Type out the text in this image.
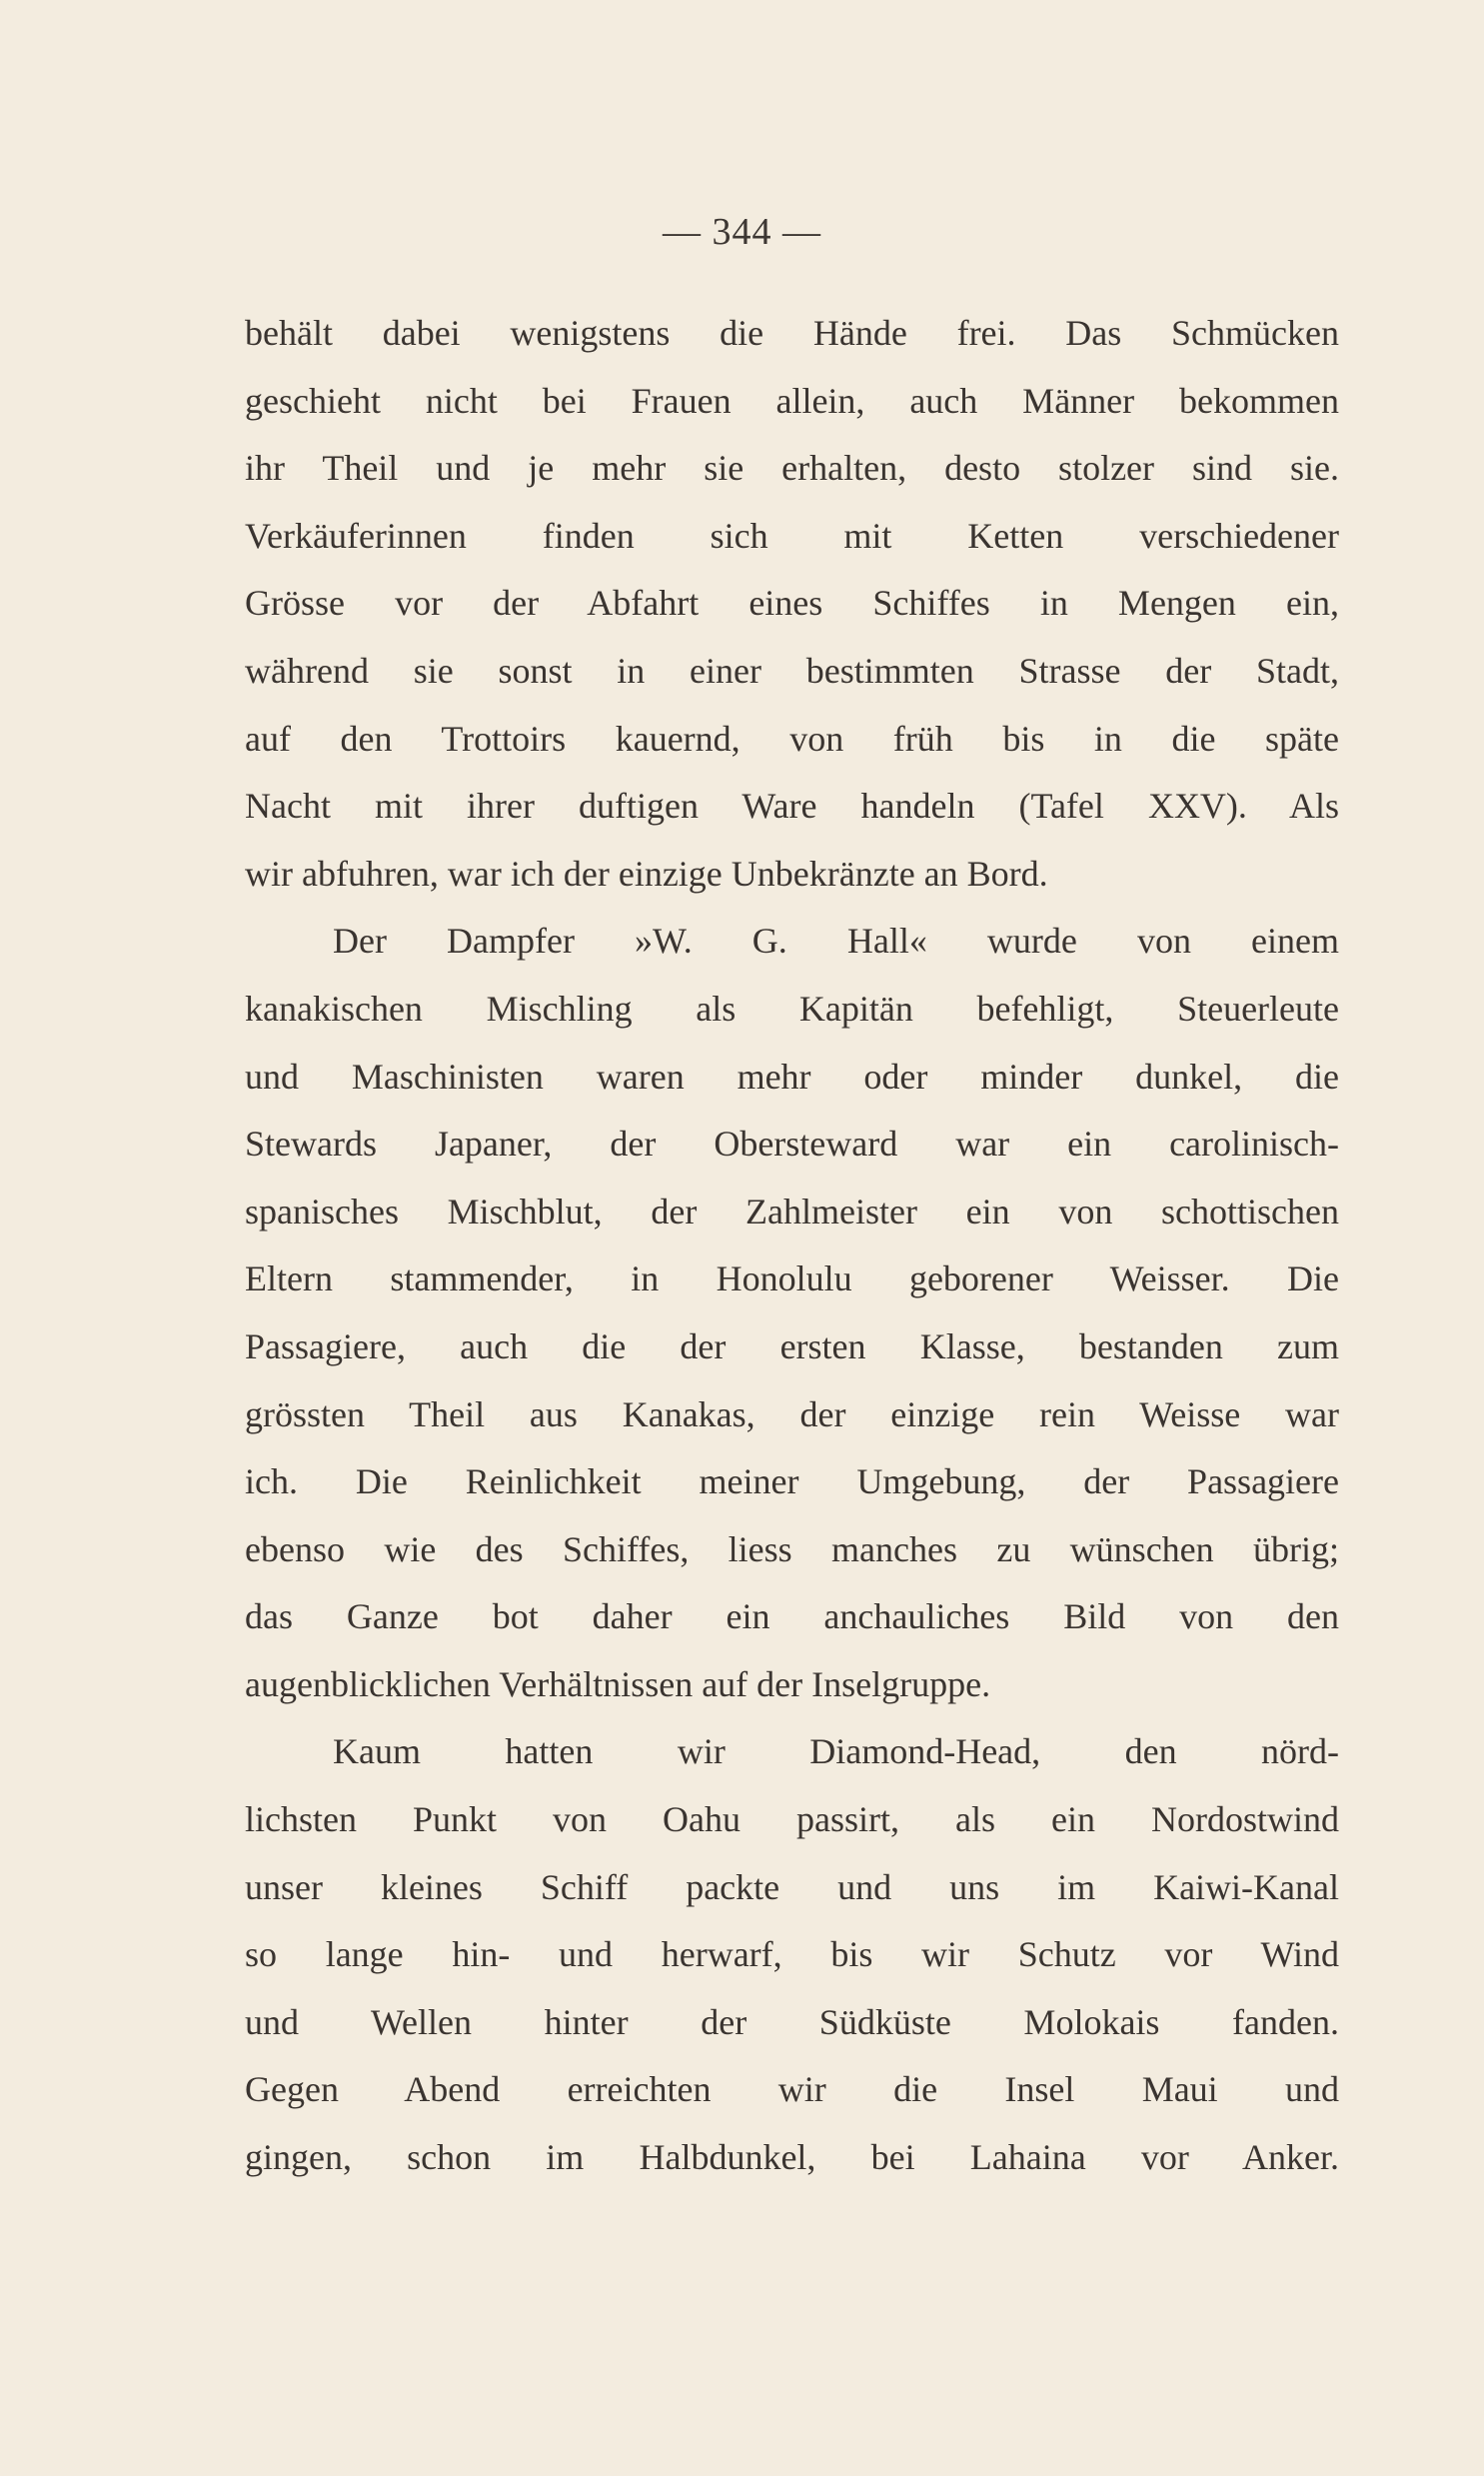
— 344 —
behält dabei wenigstens die Hände frei. Das Schmücken
geschieht nicht bei Frauen allein, auch Männer bekommen
ihr Theil und je mehr sie erhalten, desto stolzer sind sie.
Verkäuferinnen finden sich mit Ketten verschiedener
Grösse vor der Abfahrt eines Schiffes in Mengen ein,
während sie sonst in einer bestimmten Strasse der Stadt,
auf den Trottoirs kauernd, von früh bis in die späte
Nacht mit ihrer duftigen Ware handeln (Tafel XXV). Als
wir abfuhren, war ich der einzige Unbekränzte an Bord.
Der Dampfer »W. G. Hall« wurde von einem
kanakischen Mischling als Kapitän befehligt, Steuerleute
und Maschinisten waren mehr oder minder dunkel, die
Stewards Japaner, der Obersteward war ein carolinisch-
spanisches Mischblut, der Zahlmeister ein von schottischen
Eltern stammender, in Honolulu geborener Weisser. Die
Passagiere, auch die der ersten Klasse, bestanden zum
grössten Theil aus Kanakas, der einzige rein Weisse war
ich. Die Reinlichkeit meiner Umgebung, der Passagiere
ebenso wie des Schiffes, liess manches zu wünschen übrig;
das Ganze bot daher ein anchauliches Bild von den
augenblicklichen Verhältnissen auf der Inselgruppe.
Kaum hatten wir Diamond-Head, den nörd-
lichsten Punkt von Oahu passirt, als ein Nordostwind
unser kleines Schiff packte und uns im Kaiwi-Kanal
so lange hin- und herwarf, bis wir Schutz vor Wind
und Wellen hinter der Südküste Molokais fanden.
Gegen Abend erreichten wir die Insel Maui und
gingen, schon im Halbdunkel, bei Lahaina vor Anker.
